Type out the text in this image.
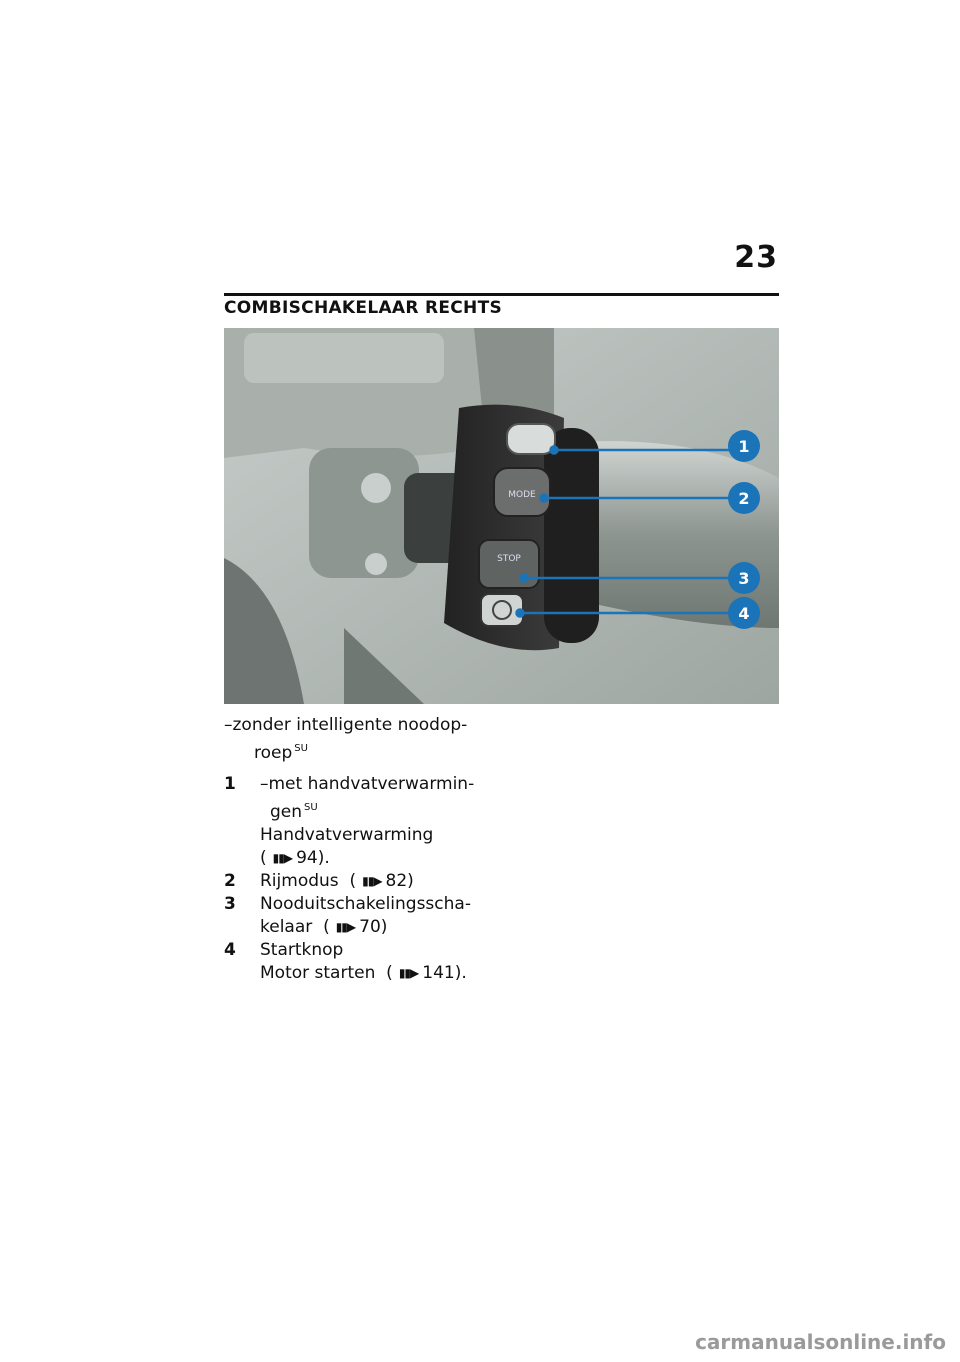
23
COMBISCHAKELAAR RECHTS
MODE
STOP
1
2
3
4

–zonder intelligente noodop-
roep $^{SU}$

1	–met handvatverwarmin-
gen $^{SU}$
Handvatverwarming
( ▮▮▶ 94).
2	Rijmodus ( ▮▮▶ 82)
3	Nooduitschakelingsscha-
kelaar ( ▮▮▶ 70)
4	Startknop
Motor starten ( ▮▮▶ 141).
carmanualsonline.info
